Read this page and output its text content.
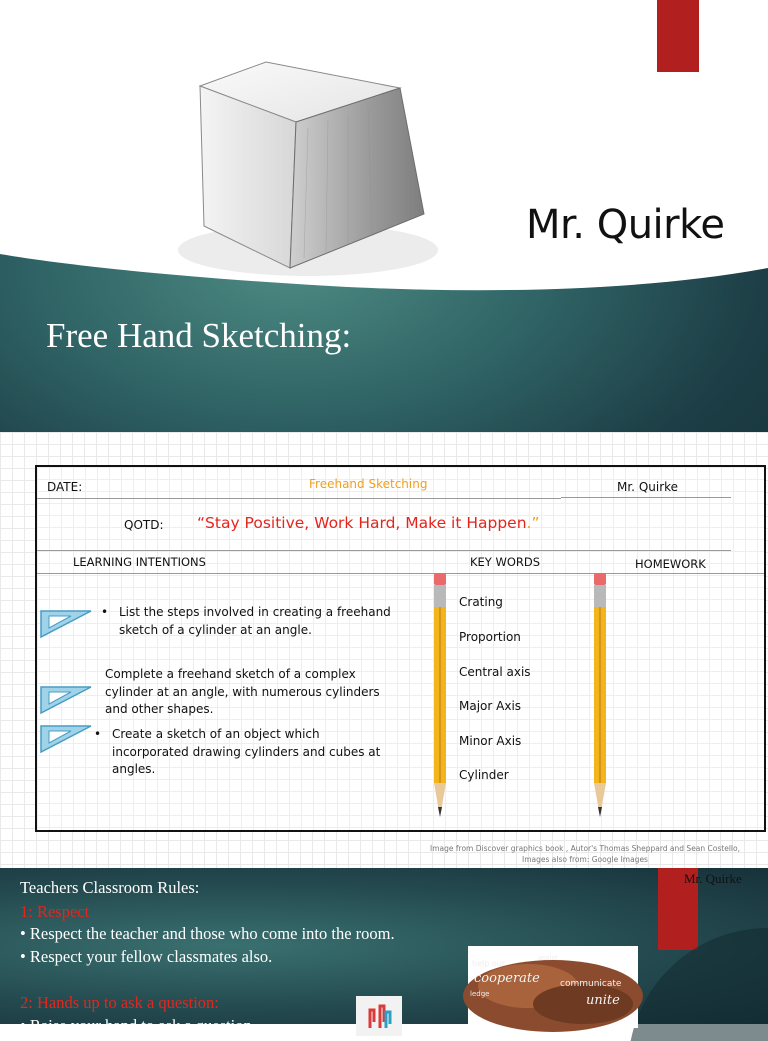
Mr. Quirke
Free Hand Sketching:
DATE:	Freehand Sketching	Mr. Quirke
QOTD: “Stay Positive, Work Hard, Make it Happen.”
LEARNING INTENTIONS	KEY WORDS	HOMEWORK
• List the steps involved in creating a freehand
sketch of a cylinder at an angle.
Complete a freehand sketch of a complex
cylinder at an angle, with numerous cylinders
and other shapes.
• Create a sketch of an object which
incorporated drawing cylinders and cubes at
angles.
Crating
Proportion
Central axis
Major Axis
Minor Axis
Cylinder
Image from Discover graphics book , Autor's Thomas Sheppard and Sean Costello,
Images also from: Google Images
Mr. Quirke
Teachers Classroom Rules:
1: Respect
• Respect the teacher and those who come into the room.
• Respect your fellow classmates also.
2: Hands up to ask a question:
• Raise your hand to ask a question
help our
cooperate communicate
unite
assist
ledge
